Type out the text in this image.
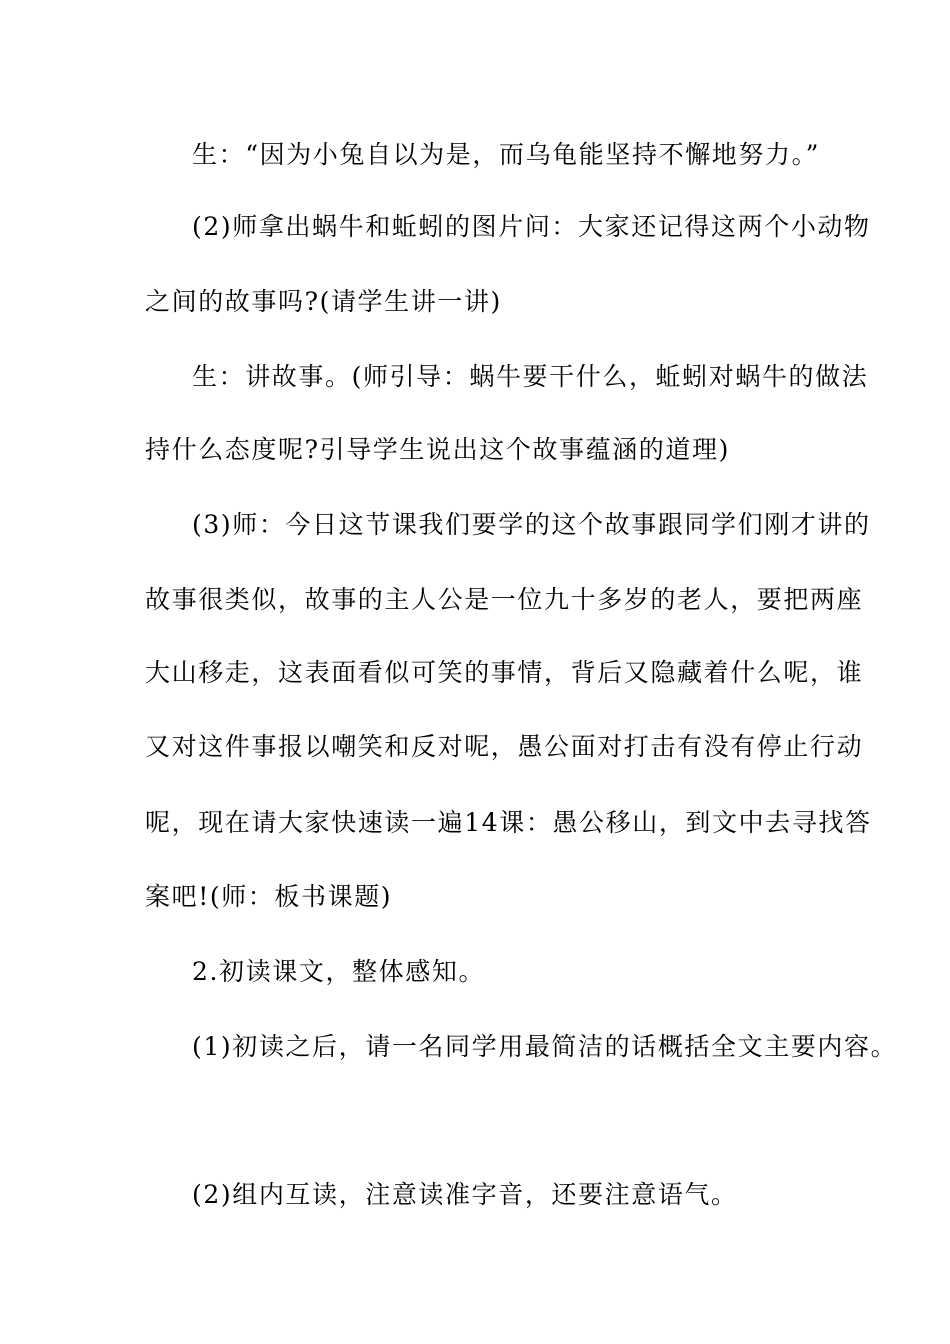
生：“因为小兔自以为是，而乌龟能坚持不懈地努力。”
(2)师拿出蜗牛和蚯蚓的图片问：大家还记得这两个小动物
之间的故事吗?(请学生讲一讲)
生：讲故事。(师引导：蜗牛要干什么，蚯蚓对蜗牛的做法
持什么态度呢?引导学生说出这个故事蕴涵的道理)
(3)师：今日这节课我们要学的这个故事跟同学们刚才讲的
故事很类似，故事的主人公是一位九十多岁的老人，要把两座
大山移走，这表面看似可笑的事情，背后又隐藏着什么呢，谁
又对这件事报以嘲笑和反对呢，愚公面对打击有没有停止行动
呢，现在请大家快速读一遍14课：愚公移山，到文中去寻找答
案吧!(师：板书课题)
2.初读课文，整体感知。
(1)初读之后，请一名同学用最简洁的话概括全文主要内容。
(2)组内互读，注意读准字音，还要注意语气。
